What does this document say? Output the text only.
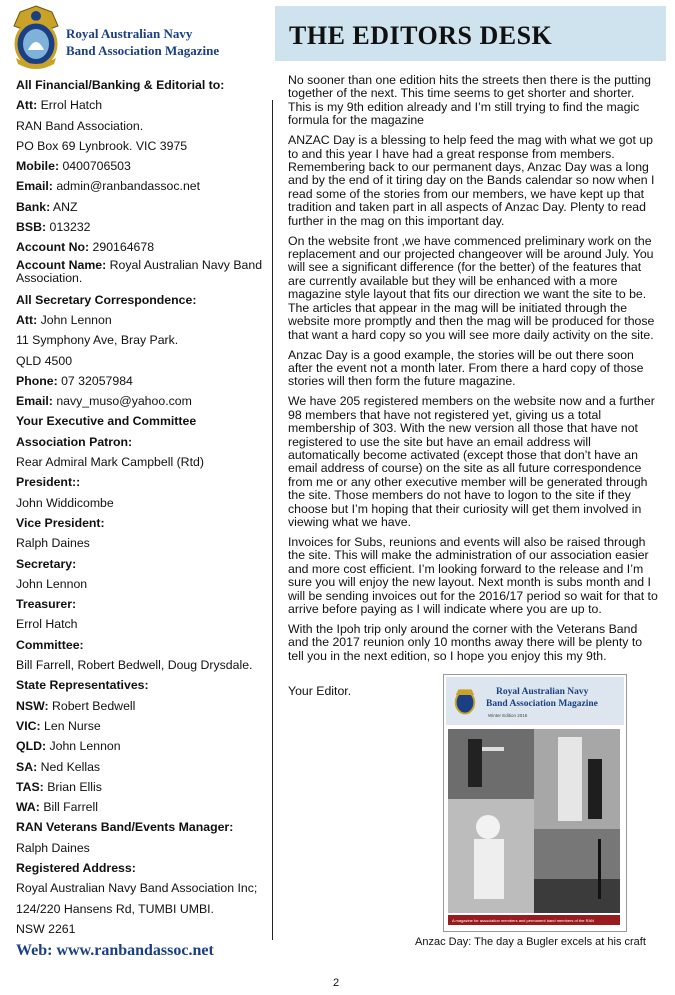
Royal Australian Navy
Band Association Magazine
THE EDITORS DESK
All Financial/Banking & Editorial to:
Att: Errol Hatch
RAN Band Association.
PO Box 69 Lynbrook. VIC 3975
Mobile: 0400706503
Email: admin@ranbandassoc.net
Bank: ANZ
BSB: 013232
Account No: 290164678
Account Name: Royal Australian Navy Band Association.
All Secretary Correspondence:
Att: John Lennon
11 Symphony Ave, Bray Park.
QLD 4500
Phone: 07 32057984
Email: navy_muso@yahoo.com
Your Executive and Committee
Association Patron:
Rear Admiral Mark Campbell (Rtd)
President::
John Widdicombe
Vice President:
Ralph Daines
Secretary:
John Lennon
Treasurer:
Errol Hatch
Committee:
Bill Farrell, Robert Bedwell, Doug Drysdale.
State Representatives:
NSW: Robert Bedwell
VIC: Len Nurse
QLD: John Lennon
SA: Ned Kellas
TAS: Brian Ellis
WA: Bill Farrell
RAN Veterans Band/Events Manager:
Ralph Daines
Registered Address:
Royal Australian Navy Band Association Inc;
124/220 Hansens Rd, TUMBI UMBI.
NSW 2261
Web: www.ranbandassoc.net

No sooner than one edition hits the streets then there is the putting together of the next. This time seems to get shorter and shorter. This is my 9th edition already and I’m still trying to find the magic formula for the magazine

ANZAC Day is a blessing to help feed the mag with what we got up to and this year I have had a great response from members. Remembering back to our permanent days, Anzac Day was a long and by the end of it tiring day on the Bands calendar so now when I read some of the stories from our members, we have kept up that tradition and taken part in all aspects of Anzac Day. Plenty to read further in the mag on this important day.

On the website front ,we have commenced preliminary work on the replacement and our projected changeover will be around July. You will see a significant difference (for the better) of the features that are currently available but they will be enhanced with a more magazine style layout that fits our direction we want the site to be. The articles that appear in the mag will be initiated through the website more promptly and then the mag will be produced for those that want a hard copy so you will see more daily activity on the site.

Anzac Day is a good example, the stories will be out there soon after the event not a month later. From there a hard copy of those stories will then form the future magazine.

We have 205 registered members on the website now and a further 98 members that have not registered yet, giving us a total membership of 303. With the new version all those that have not registered to use the site but have an email address will automatically become activated (except those that don’t have an email address of course) on the site as all future correspondence from me or any other executive member will be generated through the site. Those members do not have to logon to the site if they choose but I’m hoping that their curiosity will get them involved in viewing what we have.

Invoices for Subs, reunions and events will also be raised through the site. This will make the administration of our association easier and more cost efficient. I’m looking forward to the release and I’m sure you will enjoy the new layout. Next month is subs month and I will be sending invoices out for the 2016/17 period so wait for that to arrive before paying as I will indicate where you are up to.

With the Ipoh trip only around the corner with the Veterans Band and the 2017 reunion only 10 months away there will be plenty to tell you in the next edition, so I hope you enjoy this my 9th.

Your Editor.	Royal Australian Navy
Band Association Magazine
Winter Edition 2016
A magazine for association members and permanent band members of the RAN
Anzac Day: The day a Bugler excels at his craft
2
